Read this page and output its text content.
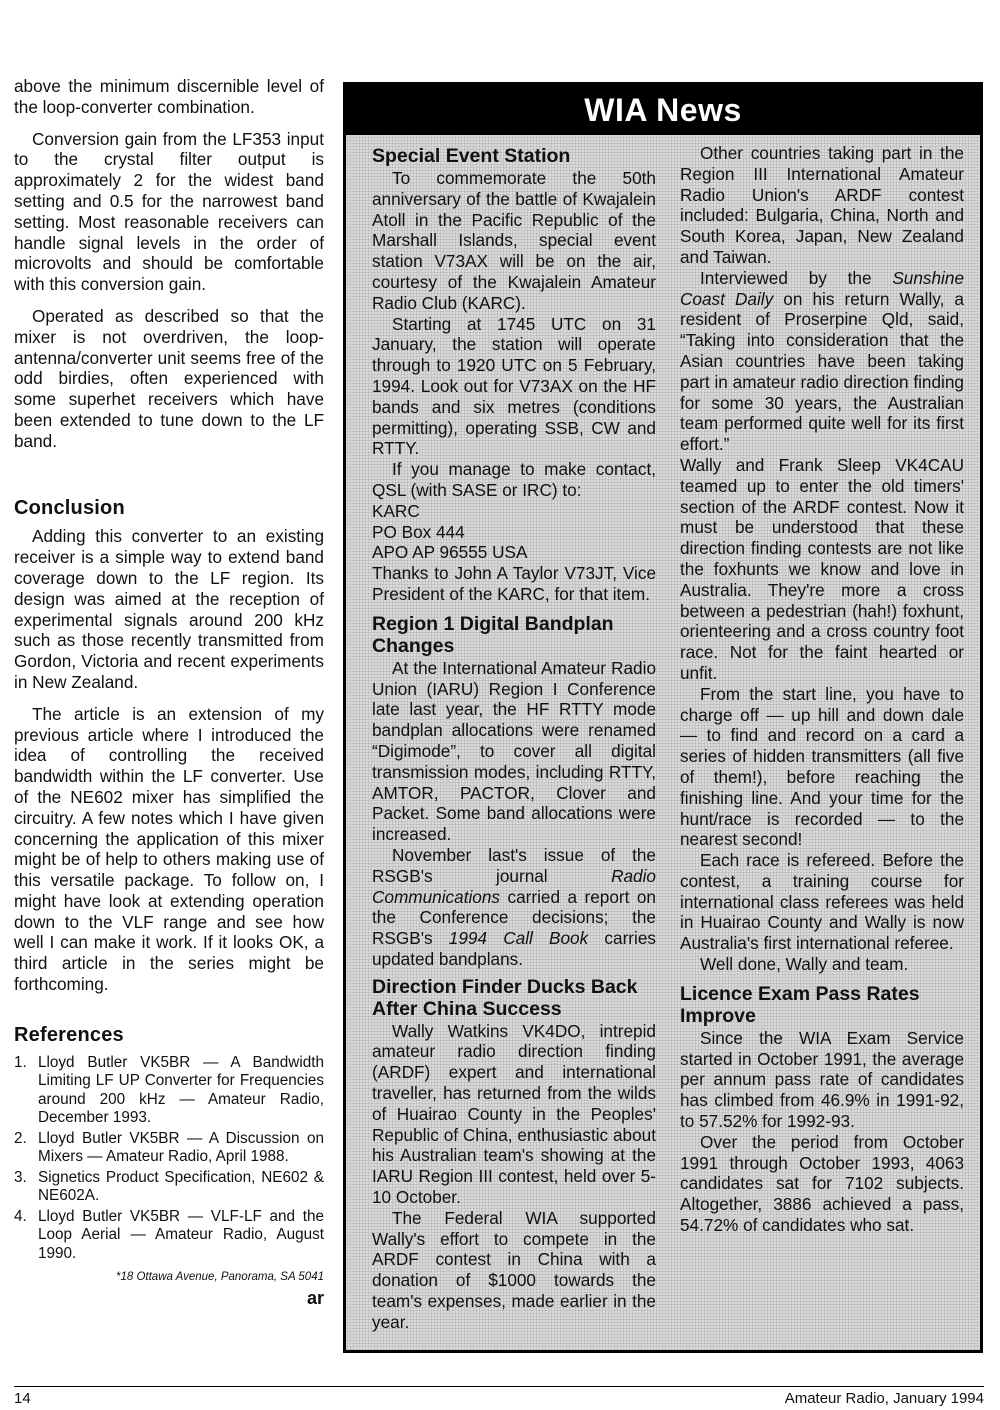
above the minimum discernible level of the loop-converter combination.

Conversion gain from the LF353 input to the crystal filter output is approximately 2 for the widest band setting and 0.5 for the narrowest band setting. Most reasonable receivers can handle signal levels in the order of microvolts and should be comfortable with this conversion gain.

Operated as described so that the mixer is not overdriven, the loop-antenna/converter unit seems free of the odd birdies, often experienced with some superhet receivers which have been extended to tune down to the LF band.

Conclusion

Adding this converter to an existing receiver is a simple way to extend band coverage down to the LF region. Its design was aimed at the reception of experimental signals around 200 kHz such as those recently transmitted from Gordon, Victoria and recent experiments in New Zealand.

The article is an extension of my previous article where I introduced the idea of controlling the received bandwidth within the LF converter. Use of the NE602 mixer has simplified the circuitry. A few notes which I have given concerning the application of this mixer might be of help to others making use of this versatile package. To follow on, I might have look at extending operation down to the VLF range and see how well I can make it work. If it looks OK, a third article in the series might be forthcoming.

References
1. Lloyd Butler VK5BR — A Bandwidth Limiting LF UP Converter for Frequencies around 200 kHz — Amateur Radio, December 1993.
2. Lloyd Butler VK5BR — A Discussion on Mixers — Amateur Radio, April 1988.
3. Signetics Product Specification, NE602 & NE602A.
4. Lloyd Butler VK5BR — VLF-LF and the Loop Aerial — Amateur Radio, August 1990.
*18 Ottawa Avenue, Panorama, SA 5041
ar
WIA News
Special Event Station

To commemorate the 50th anniversary of the battle of Kwajalein Atoll in the Pacific Republic of the Marshall Islands, special event station V73AX will be on the air, courtesy of the Kwajalein Amateur Radio Club (KARC).

Starting at 1745 UTC on 31 January, the station will operate through to 1920 UTC on 5 February, 1994. Look out for V73AX on the HF bands and six metres (conditions permitting), operating SSB, CW and RTTY.

If you manage to make contact, QSL (with SASE or IRC) to:

KARC

PO Box 444

APO AP 96555 USA

Thanks to John A Taylor V73JT, Vice President of the KARC, for that item.

Region 1 Digital Bandplan Changes

At the International Amateur Radio Union (IARU) Region I Conference late last year, the HF RTTY mode bandplan allocations were renamed “Digimode”, to cover all digital transmission modes, including RTTY, AMTOR, PACTOR, Clover and Packet. Some band allocations were increased.

November last's issue of the RSGB's journal Radio Communications carried a report on the Conference decisions; the RSGB's 1994 Call Book carries updated bandplans.

Direction Finder Ducks Back After China Success

Wally Watkins VK4DO, intrepid amateur radio direction finding (ARDF) expert and international traveller, has returned from the wilds of Huairao County in the Peoples' Republic of China, enthusiastic about his Australian team's showing at the IARU Region III contest, held over 5-10 October.

The Federal WIA supported Wally's effort to compete in the ARDF contest in China with a donation of $1000 towards the team's expenses, made earlier in the year.

Other countries taking part in the Region III International Amateur Radio Union's ARDF contest included: Bulgaria, China, North and South Korea, Japan, New Zealand and Taiwan.

Interviewed by the Sunshine Coast Daily on his return Wally, a resident of Proserpine Qld, said, “Taking into consideration that the Asian countries have been taking part in amateur radio direction finding for some 30 years, the Australian team performed quite well for its first effort.”

Wally and Frank Sleep VK4CAU teamed up to enter the old timers' section of the ARDF contest. Now it must be understood that these direction finding contests are not like the foxhunts we know and love in Australia. They're more a cross between a pedestrian (hah!) foxhunt, orienteering and a cross country foot race. Not for the faint hearted or unfit.

From the start line, you have to charge off — up hill and down dale — to find and record on a card a series of hidden transmitters (all five of them!), before reaching the finishing line. And your time for the hunt/race is recorded — to the nearest second!

Each race is refereed. Before the contest, a training course for international class referees was held in Huairao County and Wally is now Australia's first international referee.

Well done, Wally and team.

Licence Exam Pass Rates Improve

Since the WIA Exam Service started in October 1991, the average per annum pass rate of candidates has climbed from 46.9% in 1991-92, to 57.52% for 1992-93.

Over the period from October 1991 through October 1993, 4063 candidates sat for 7102 subjects. Altogether, 3886 achieved a pass, 54.72% of candidates who sat.

14	Amateur Radio, January 1994
